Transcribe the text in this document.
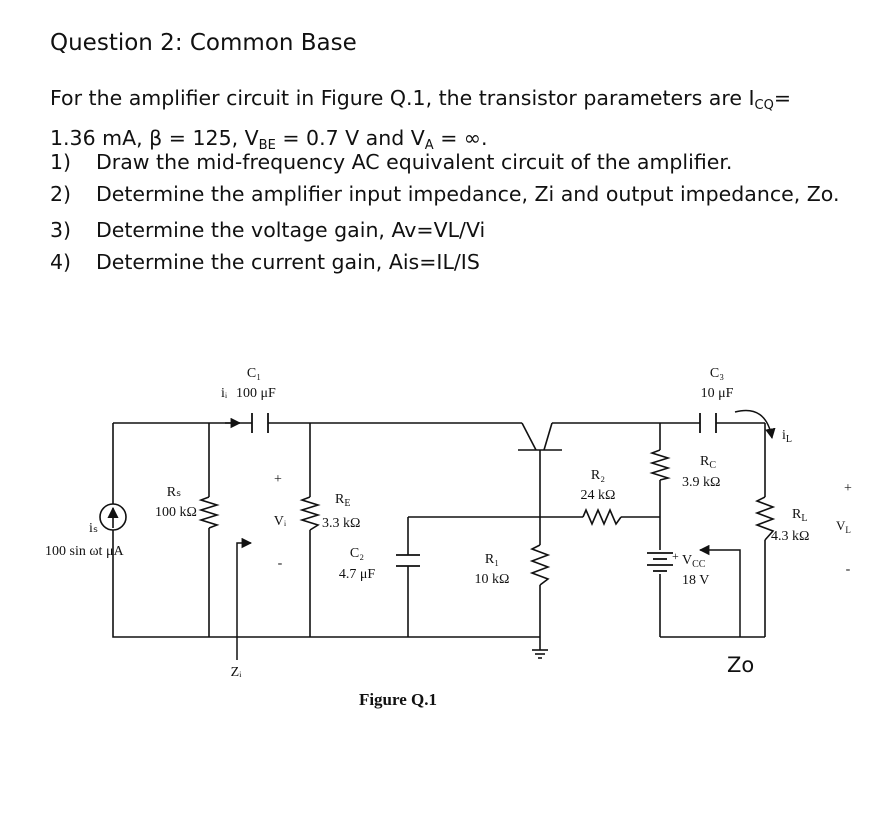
Question 2: Common Base
For the amplifier circuit in Figure Q.1, the transistor parameters are $I_{CQ}=$
1.36 mA, β = 125, $V_{BE} = 0.7$ V and $V_A$ = ∞.
1) Draw the mid-frequency AC equivalent circuit of the amplifier.
2) Determine the amplifier input impedance, Zi and output impedance, Zo.
3) Determine the voltage gain, Av=VL/Vi
4) Determine the current gain, Ais=IL/IS
C₁
iᵢ 100 μF
C₃
10 μF
$i_L$
Rₛ
100 kΩ
iₛ
100 sin ωt μA
+
Vᵢ
-
$R_E$
3.3 kΩ
C₂
4.7 μF
R₁
10 kΩ
R₂
24 kΩ
$R_C$
3.9 kΩ
+ $V_{CC}$
18 V
+
$R_L$
4.3 kΩ
$V_L$
-
Zᵢ	Zo
Figure Q.1
